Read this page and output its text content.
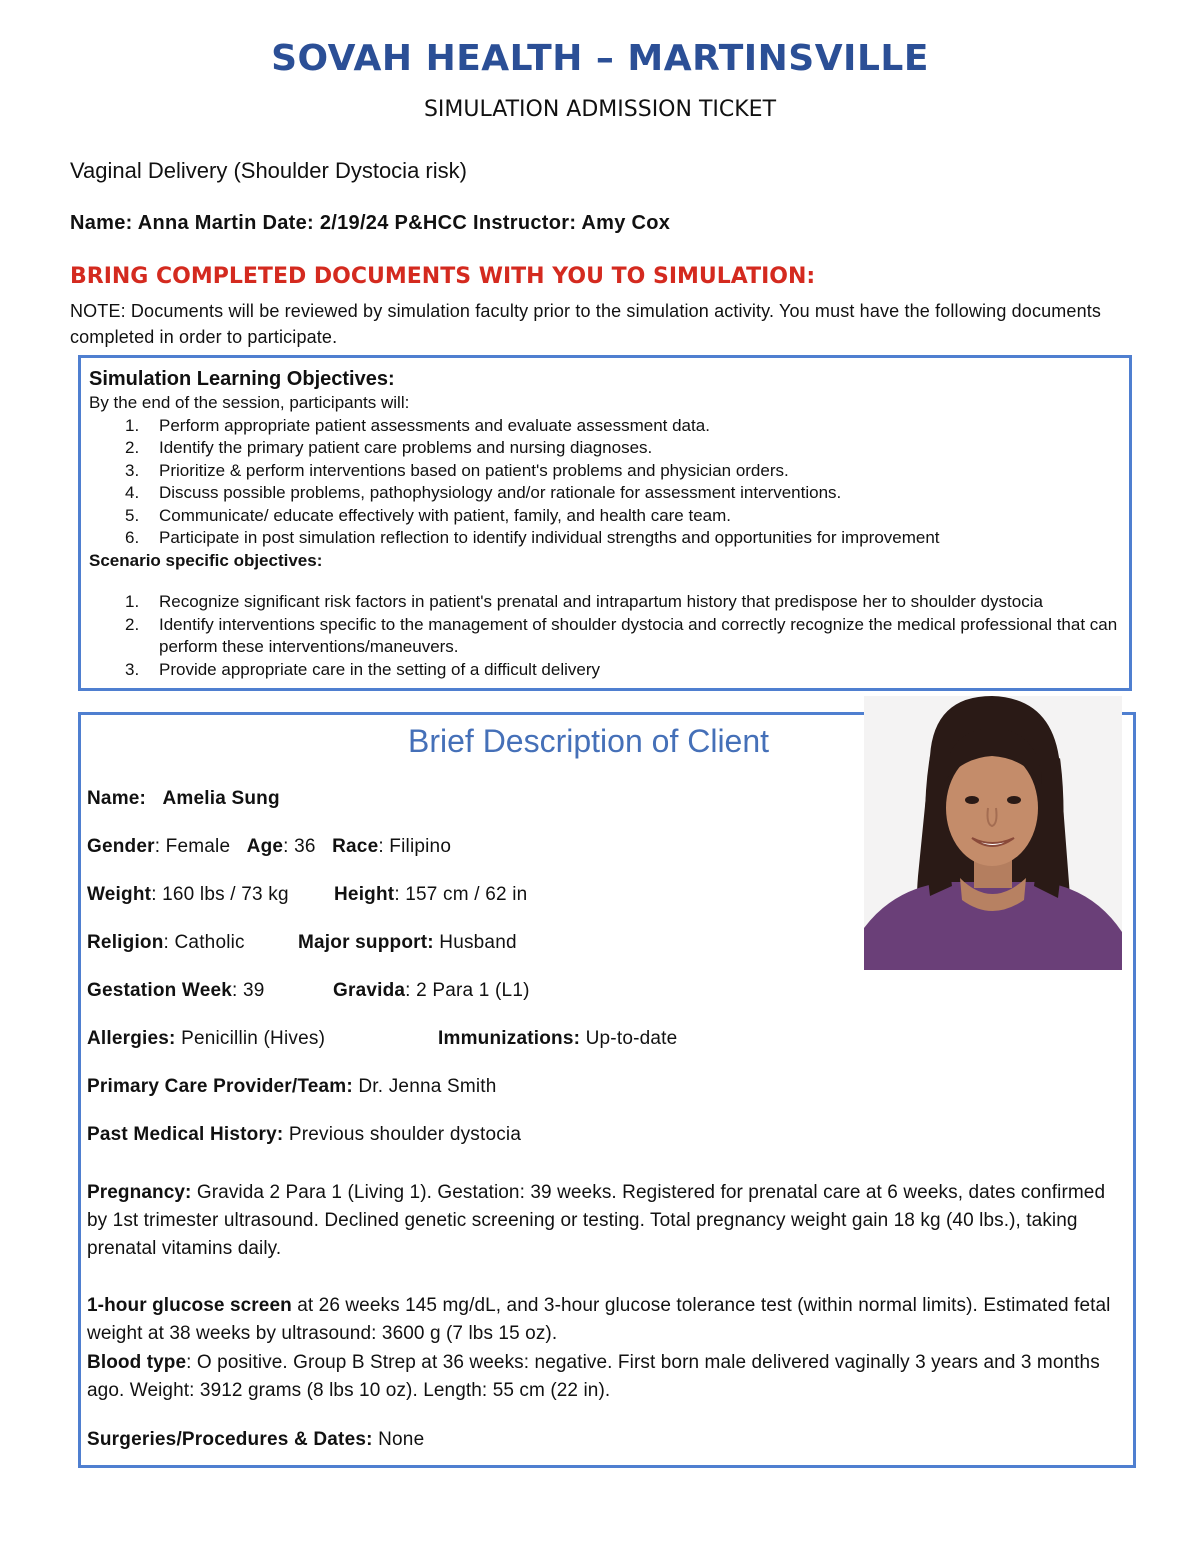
SOVAH HEALTH – MARTINSVILLE
SIMULATION ADMISSION TICKET
Vaginal Delivery (Shoulder Dystocia risk)
Name: Anna Martin Date: 2/19/24 P&HCC Instructor: Amy Cox
BRING COMPLETED DOCUMENTS WITH YOU TO SIMULATION:
NOTE: Documents will be reviewed by simulation faculty prior to the simulation activity. You must have the following documents completed in order to participate.
Simulation Learning Objectives:
By the end of the session, participants will:
1. Perform appropriate patient assessments and evaluate assessment data.
2. Identify the primary patient care problems and nursing diagnoses.
3. Prioritize & perform interventions based on patient's problems and physician orders.
4. Discuss possible problems, pathophysiology and/or rationale for assessment interventions.
5. Communicate/ educate effectively with patient, family, and health care team.
6. Participate in post simulation reflection to identify individual strengths and opportunities for improvement
Scenario specific objectives:
1. Recognize significant risk factors in patient's prenatal and intrapartum history that predispose her to shoulder dystocia
2. Identify interventions specific to the management of shoulder dystocia and correctly recognize the medical professional that can perform these interventions/maneuvers.
3. Provide appropriate care in the setting of a difficult delivery
Brief Description of Client
Name: Amelia Sung
Gender: Female Age: 36 Race: Filipino
Weight: 160 lbs / 73 kg Height: 157 cm / 62 in
Religion: Catholic	Major support: Husband
Gestation Week: 39	Gravida: 2 Para 1 (L1)
Allergies: Penicillin (Hives)	Immunizations: Up-to-date
Primary Care Provider/Team: Dr. Jenna Smith
Past Medical History: Previous shoulder dystocia
Pregnancy: Gravida 2 Para 1 (Living 1). Gestation: 39 weeks. Registered for prenatal care at 6 weeks, dates confirmed by 1st trimester ultrasound. Declined genetic screening or testing. Total pregnancy weight gain 18 kg (40 lbs.), taking prenatal vitamins daily.
1-hour glucose screen at 26 weeks 145 mg/dL, and 3-hour glucose tolerance test (within normal limits). Estimated fetal weight at 38 weeks by ultrasound: 3600 g (7 lbs 15 oz).
Blood type: O positive. Group B Strep at 36 weeks: negative. First born male delivered vaginally 3 years and 3 months ago. Weight: 3912 grams (8 lbs 10 oz). Length: 55 cm (22 in).
Surgeries/Procedures & Dates: None
